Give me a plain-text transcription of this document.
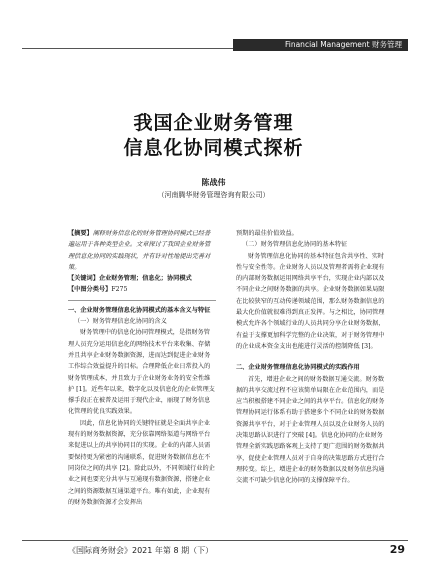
Financial Management 财务管理
我国企业财务管理
信息化协同模式探析
陈战伟
（河南腾华财务管理咨询有限公司）

【摘要】阐释财务信息化的财务管理协同模式已经普遍运用于各种类型企业。文章探讨了我国企业财务管理信息化协同的实践现状，并有针对性地提出完善对策。

【关键词】企业财务管理；信息化；协同模式

【中图分类号】F275

一、企业财务管理信息化协同模式的基本含义与特征

（一）财务管理信息化协同的含义

财务管理中的信息化协同管理模式，是指财务管理人员充分运用信息化的网络技术平台来收集、存储并且共享企业财务数据资源，进而达到促进企业财务工作综合效益提升的目标。合理降低企业日常投入的财务管理成本，并且致力于企业财务业务的安全性维护 [1]。近些年以来，数字化以及信息化的企业管理支撑手段正在被普及运用于现代企业，丽现了财务信息化管理的优良实践效果。

因此，信息化协同的关键特征就是全面共享企业现有的财务数据资源，充分依靠网络渠道与网络平台来促进以上的共享协同目的实现。企业的内部人员需要保持更为紧密的沟通联系，促进财务数据信息在不同岗位之间的共享 [2]。除此以外，不同领域行业的企业之间也要充分共享与互通现有数据资源，搭建企业之间的资源数据互通渠道平台。唯有如此，企业现有的财务数据资源才会发挥出

预期的最佳价值效益。

（二）财务管理信息化协同的基本特征

财务管理信息化协同的基本特征包含共享性、实时性与安全性等。企业财务人员以及管理者需将企业现有的内部财务数据运用网络共享平台，实现企业内部以及不同企业之间财务数据的共享。企业财务数据如果局限在比较狭窄的互动传递领域范围，那么财务数据信息的最大化价值就很难得到真正发挥。与之相比，协同管理模式允许各个领域行业的人员共同分享企业财务数据，有益于支撑更加科学完整的企业决策，对于财务管理中的企业成本资金支出也能进行灵活的控制降低 [3]。

二、企业财务管理信息化协同模式的实践作用

首先，增进企业之间的财务数据互通交流。财务数据的共享交流过程不应该简单局限在企业范围内，而是应当积极搭建不同企业之间的共享平台。信息化的财务管理协同运行体系有助于搭建多个不同企业的财务数据资源共享平台，对于企业管理人员以及企业财务人员的决策思路认识进行了突破 [4]。信息化协同的企业财务管理全新实践思路客观上支持了更广范围的财务数据共享，促使企业管理人员对于自身的决策思路方式进行合理转变。综上，增进企业的财务数据以及财务信息沟通交流不可缺少信息化协同的支撑保障平台。

《国际商务财会》2021 年第 8 期（下）	29
